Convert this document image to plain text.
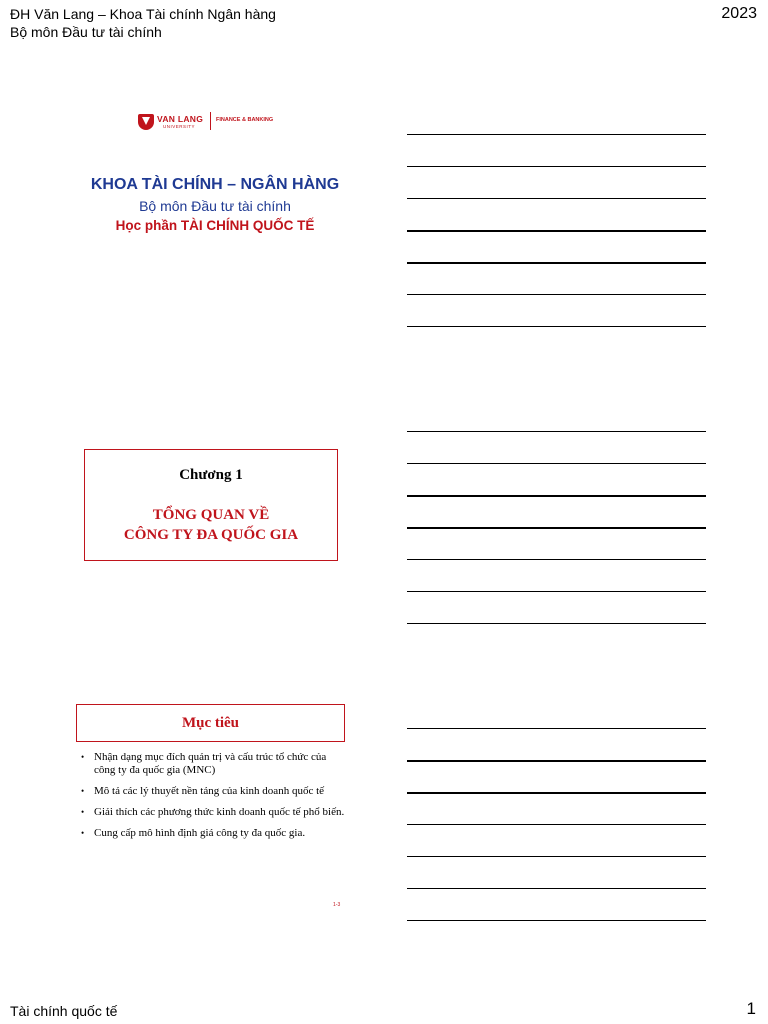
ĐH Văn Lang – Khoa Tài chính Ngân hàng
Bộ môn Đầu tư tài chính
2023
VAN LANG
UNIVERSITY
FINANCE & BANKING
KHOA TÀI CHÍNH – NGÂN HÀNG
Bộ môn Đầu tư tài chính
Học phần TÀI CHÍNH QUỐC TẾ
Chương 1
TỔNG QUAN VỀ
CÔNG TY ĐA QUỐC GIA
Mục tiêu
• Nhận dạng mục đích quản trị và cấu trúc tổ chức của công ty đa quốc gia (MNC)
• Mô tả các lý thuyết nền tảng của kinh doanh quốc tế
• Giải thích các phương thức kinh doanh quốc tế phổ biến.
• Cung cấp mô hình định giá công ty đa quốc gia.
1-3
Tài chính quốc tế	1
